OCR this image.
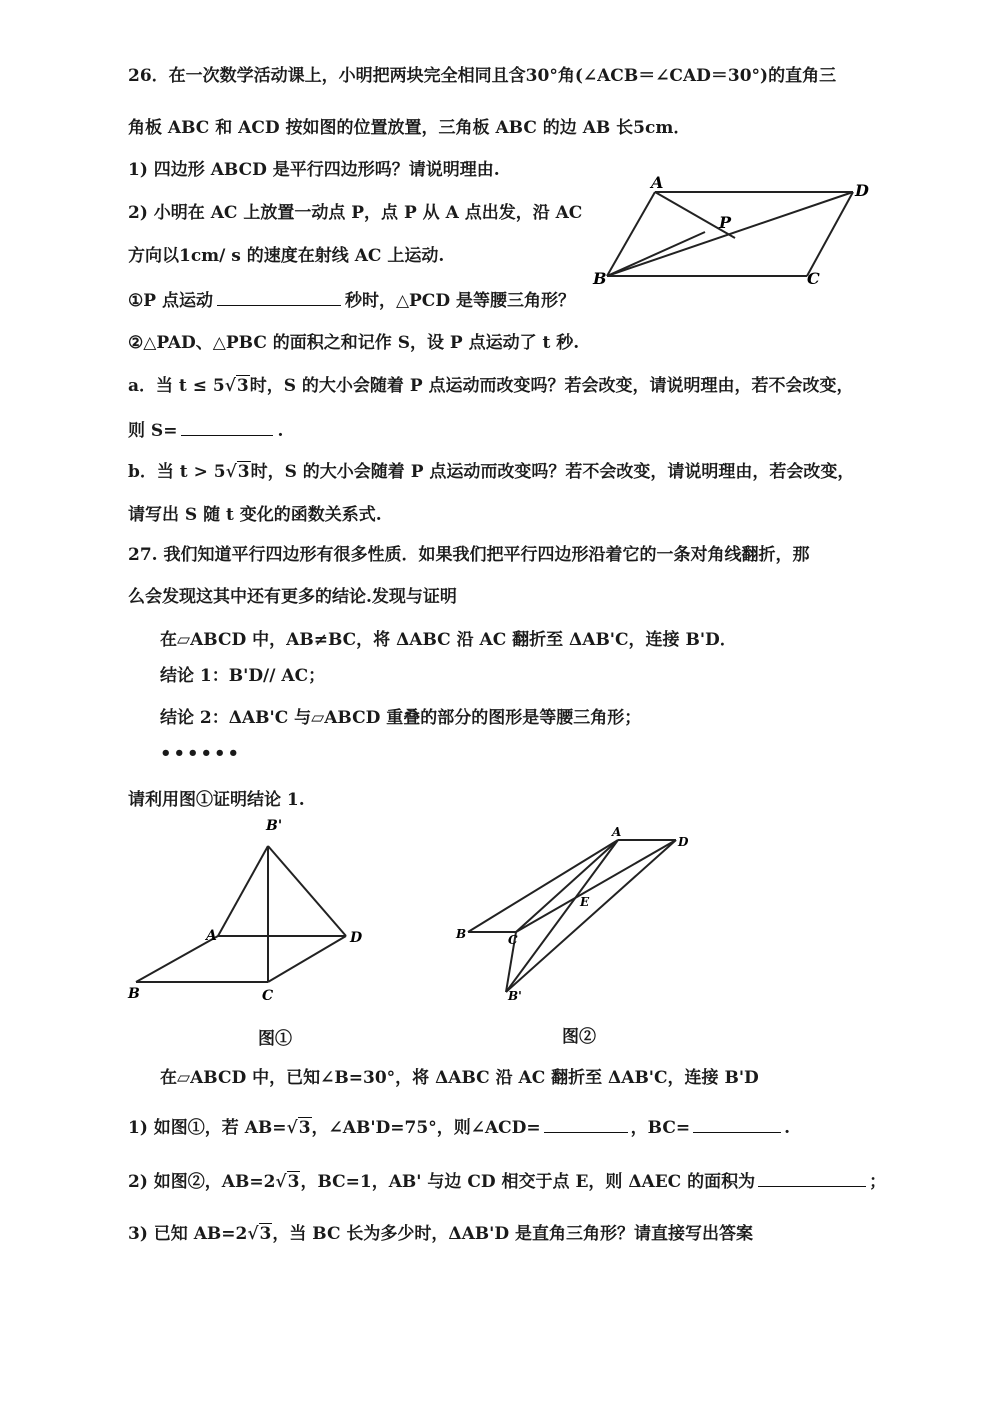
26．在一次数学活动课上，小明把两块完全相同且含30°角(∠ACB＝∠CAD＝30°)的直角三
角板 ABC 和 ACD 按如图的位置放置，三角板 ABC 的边 AB 长5cm．
1) 四边形 ABCD 是平行四边形吗？请说明理由.
2) 小明在 AC 上放置一动点 P，点 P 从 A 点出发，沿 AC
方向以1cm/ s 的速度在射线 AC 上运动.
①P 点运动	秒时，△PCD 是等腰三角形？
②△PAD、△PBC 的面积之和记作 S，设 P 点运动了 t 秒.
a．当 t ≤ 5√3时，S 的大小会随着 P 点运动而改变吗？若会改变，请说明理由，若不会改变，
则 S=	.
b．当 t > 5√3时，S 的大小会随着 P 点运动而改变吗？若不会改变，请说明理由，若会改变，
请写出 S 随 t 变化的函数关系式.
A
B	C
D
P
27. 我们知道平行四边形有很多性质．如果我们把平行四边形沿着它的一条对角线翻折，那
么会发现这其中还有更多的结论.发现与证明
在▱ABCD 中，AB≠BC，将 ΔABC 沿 AC 翻折至 ΔAB'C，连接 B'D．
结论 1：B'D// AC；
结论 2：ΔAB'C 与▱ABCD 重叠的部分的图形是等腰三角形；
••••••
请利用图①证明结论 1.
B'
A
B	C
D
图①
A
B	C
D
E
B'
图②
在▱ABCD 中，已知∠B=30°，将 ΔABC 沿 AC 翻折至 ΔAB'C，连接 B'D
1) 如图①，若 AB=√3，∠AB'D=75°，则∠ACD=	，BC=	.
2) 如图②，AB=2√3，BC=1，AB' 与边 CD 相交于点 E，则 ΔAEC 的面积为	；
3) 已知 AB=2√3，当 BC 长为多少时，ΔAB'D 是直角三角形？请直接写出答案
